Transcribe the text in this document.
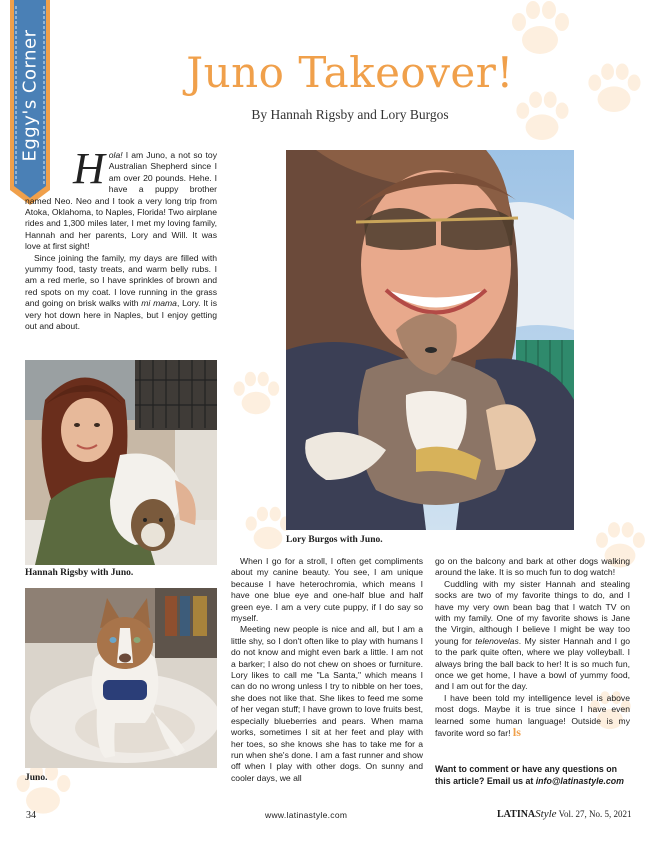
Eggy's Corner	Juno Takeover!
By Hannah Rigsby and Lory Burgos

Hola! I am Juno, a not so toy Australian Shepherd since I am over 20 pounds. Hehe. I have a puppy brother named Neo. Neo and I took a very long trip from Atoka, Oklahoma, to Naples, Florida! Two airplane rides and 1,300 miles later, I met my loving family, Hannah and her parents, Lory and Will. It was love at first sight!

Since joining the family, my days are filled with yummy food, tasty treats, and warm belly rubs. I am a red merle, so I have sprinkles of brown and red spots on my coat. I love running in the grass and going on brisk walks with mi mama, Lory. It is very hot down here in Naples, but I enjoy getting out and about.

Hannah Rigsby with Juno.
Juno.
Lory Burgos with Juno.

When I go for a stroll, I often get compliments about my canine beauty. You see, I am unique because I have heterochromia, which means I have one blue eye and one-half blue and half green eye. I am a very cute puppy, if I do say so myself.

Meeting new people is nice and all, but I am a little shy, so I don't often like to play with humans I do not know and might even bark a little. I am not a barker; I also do not chew on shoes or furniture. Lory likes to call me "La Santa," which means I can do no wrong unless I try to nibble on her toes, she does not like that. She likes to feed me some of her vegan stuff; I have grown to love fruits best, especially blueberries and pears. When mama works, sometimes I sit at her feet and play with her toes, so she knows she has to take me for a run when she's done. I am a fast runner and show off when I play with other dogs. On sunny and cooler days, we all

go on the balcony and bark at other dogs walking around the lake. It is so much fun to dog watch!

Cuddling with my sister Hannah and stealing socks are two of my favorite things to do, and I have my very own bean bag that I watch TV on with my family. One of my favorite shows is Jane the Virgin, although I believe I might be way too young for telenovelas. My sister Hannah and I go to the park quite often, where we play volleyball. I always bring the ball back to her! It is so much fun, once we get home, I have a bowl of yummy food, and I am out for the day.

I have been told my intelligence level is above most dogs. Maybe it is true since I have even learned some human language! Outside is my favorite word so far! ls

Want to comment or have any questions on this article? Email us at info@latinastyle.com
34	www.latinastyle.com	LATINAStyle Vol. 27, No. 5, 2021
